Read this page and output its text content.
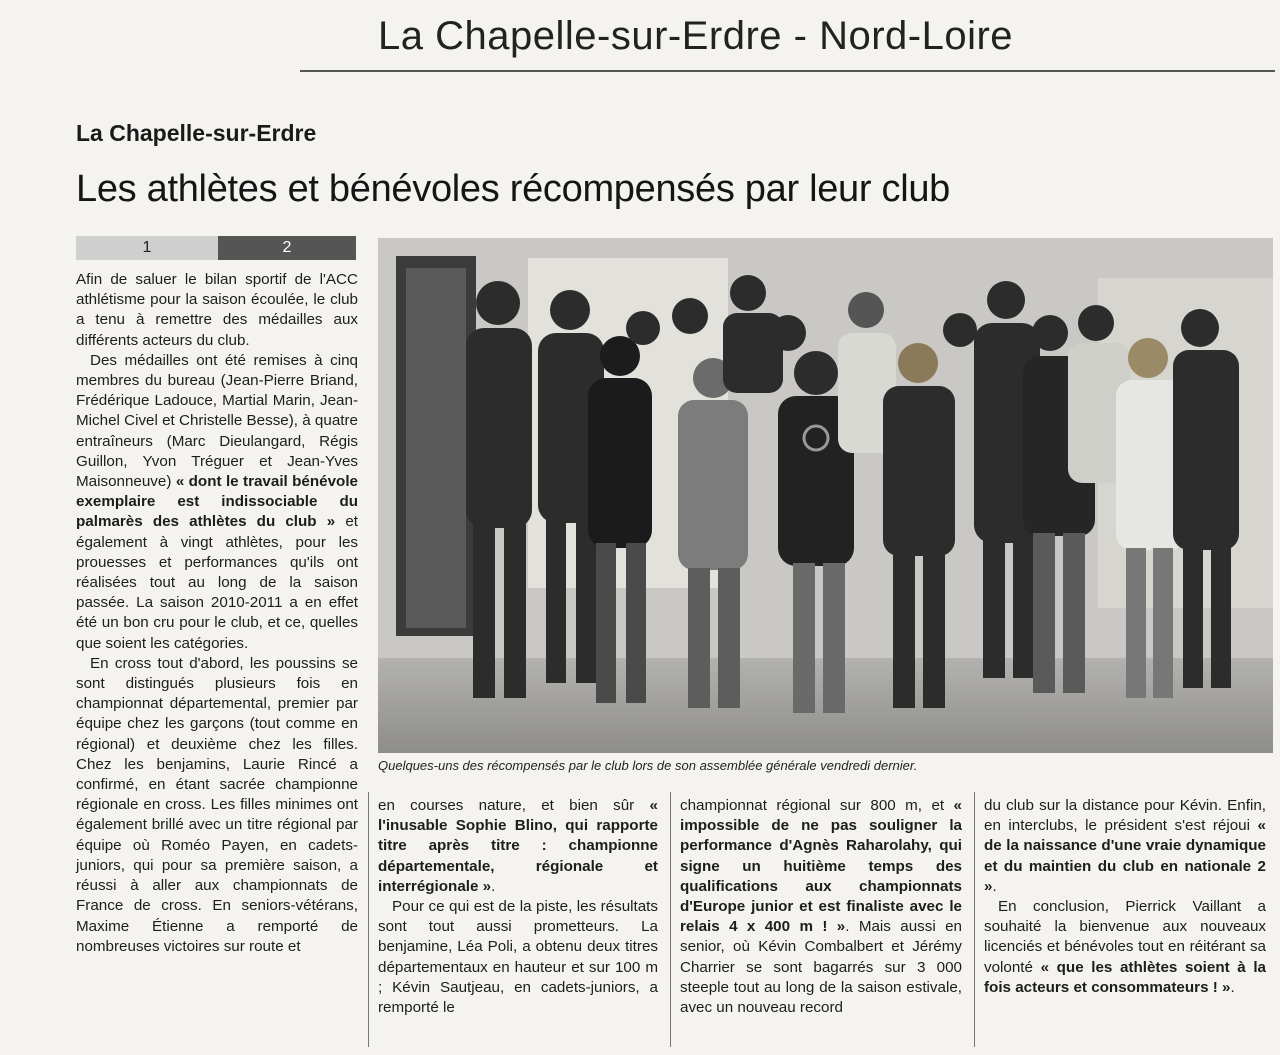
La Chapelle-sur-Erdre - Nord-Loire
La Chapelle-sur-Erdre
Les athlètes et bénévoles récompensés par leur club
1	2

Afin de saluer le bilan sportif de l'ACC athlétisme pour la saison écoulée, le club a tenu à remettre des médailles aux différents acteurs du club.

Des médailles ont été remises à cinq membres du bureau (Jean-Pierre Briand, Frédérique Ladouce, Martial Marin, Jean-Michel Civel et Christelle Besse), à quatre entraîneurs (Marc Dieulangard, Régis Guillon, Yvon Tréguer et Jean-Yves Maisonneuve) « dont le travail bénévole exemplaire est indissociable du palmarès des athlètes du club » et également à vingt athlètes, pour les prouesses et performances qu'ils ont réalisées tout au long de la saison passée. La saison 2010-2011 a en effet été un bon cru pour le club, et ce, quelles que soient les catégories.

En cross tout d'abord, les poussins se sont distingués plusieurs fois en championnat départemental, premier par équipe chez les garçons (tout comme en régional) et deuxième chez les filles. Chez les benjamins, Laurie Rincé a confirmé, en étant sacrée championne régionale en cross. Les filles minimes ont également brillé avec un titre régional par équipe où Roméo Payen, en cadets-juniors, qui pour sa première saison, a réussi à aller aux championnats de France de cross. En seniors-vétérans, Maxime Étienne a remporté de nombreuses victoires sur route et

Quelques-uns des récompensés par le club lors de son assemblée générale vendredi dernier.

en courses nature, et bien sûr « l'inusable Sophie Blino, qui rapporte titre après titre : championne départementale, régionale et interrégionale ».

Pour ce qui est de la piste, les résultats sont tout aussi prometteurs. La benjamine, Léa Poli, a obtenu deux titres départementaux en hauteur et sur 100 m ; Kévin Sautjeau, en cadets-juniors, a remporté le

championnat régional sur 800 m, et « impossible de ne pas souligner la performance d'Agnès Raharolahy, qui signe un huitième temps des qualifications aux championnats d'Europe junior et est finaliste avec le relais 4 x 400 m ! ». Mais aussi en senior, où Kévin Combalbert et Jérémy Charrier se sont bagarrés sur 3 000 steeple tout au long de la saison estivale, avec un nouveau record

du club sur la distance pour Kévin. Enfin, en interclubs, le président s'est réjoui « de la naissance d'une vraie dynamique et du maintien du club en nationale 2 ».

En conclusion, Pierrick Vaillant a souhaité la bienvenue aux nouveaux licenciés et bénévoles tout en réitérant sa volonté « que les athlètes soient à la fois acteurs et consommateurs ! ».
